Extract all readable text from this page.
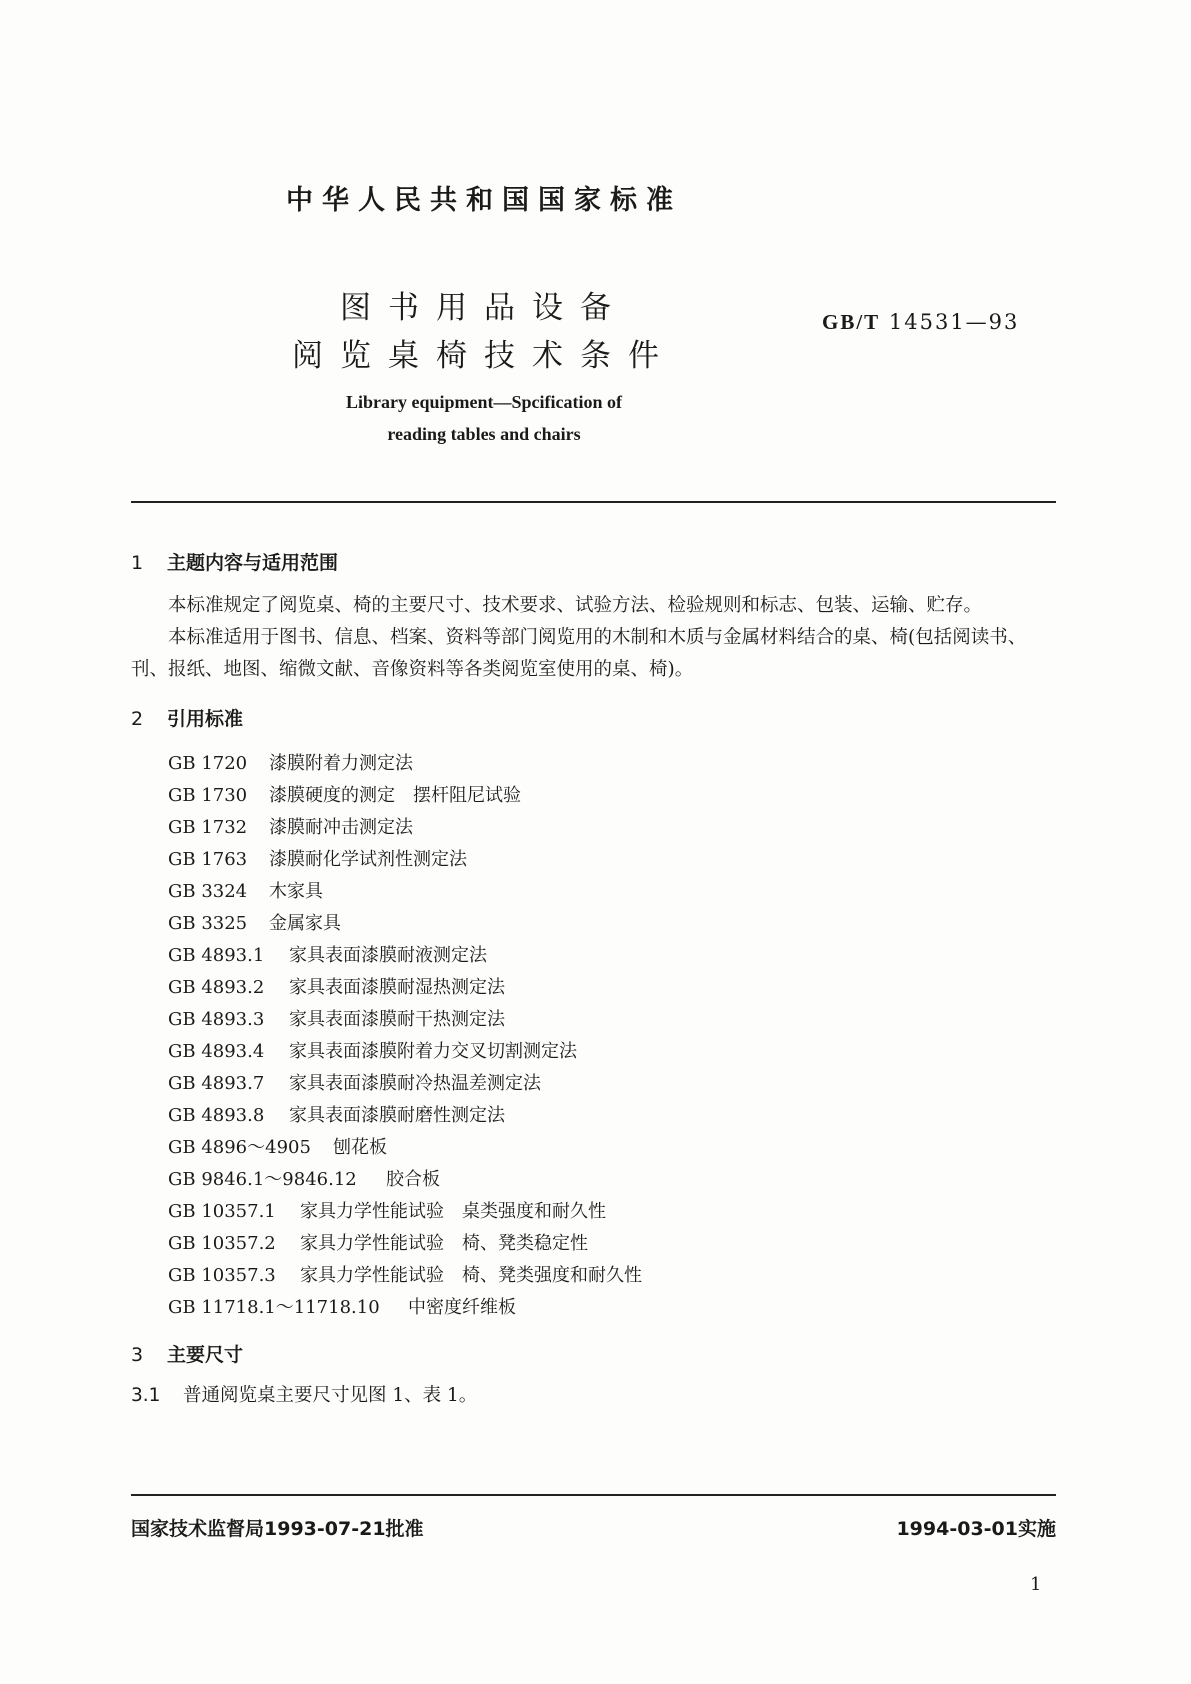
中华人民共和国国家标准
图书用品设备
阅览桌椅技术条件
GB/T 14531—93
Library equipment—Spcification of
reading tables and chairs
1 主题内容与适用范围
本标准规定了阅览桌、椅的主要尺寸、技术要求、试验方法、检验规则和标志、包装、运输、贮存。
本标准适用于图书、信息、档案、资料等部门阅览用的木制和木质与金属材料结合的桌、椅(包括阅读书、刊、报纸、地图、缩微文献、音像资料等各类阅览室使用的桌、椅)。
2 引用标准
GB 1720 漆膜附着力测定法
GB 1730 漆膜硬度的测定　摆杆阻尼试验
GB 1732 漆膜耐冲击测定法
GB 1763 漆膜耐化学试剂性测定法
GB 3324 木家具
GB 3325 金属家具
GB 4893.1 家具表面漆膜耐液测定法
GB 4893.2 家具表面漆膜耐湿热测定法
GB 4893.3 家具表面漆膜耐干热测定法
GB 4893.4 家具表面漆膜附着力交叉切割测定法
GB 4893.7 家具表面漆膜耐冷热温差测定法
GB 4893.8 家具表面漆膜耐磨性测定法
GB 4896～4905 刨花板
GB 9846.1～9846.12 胶合板
GB 10357.1 家具力学性能试验　桌类强度和耐久性
GB 10357.2 家具力学性能试验　椅、凳类稳定性
GB 10357.3 家具力学性能试验　椅、凳类强度和耐久性
GB 11718.1～11718.10 中密度纤维板
3 主要尺寸
3.1 普通阅览桌主要尺寸见图 1、表 1。
国家技术监督局1993-07-21批准	1994-03-01实施
1
